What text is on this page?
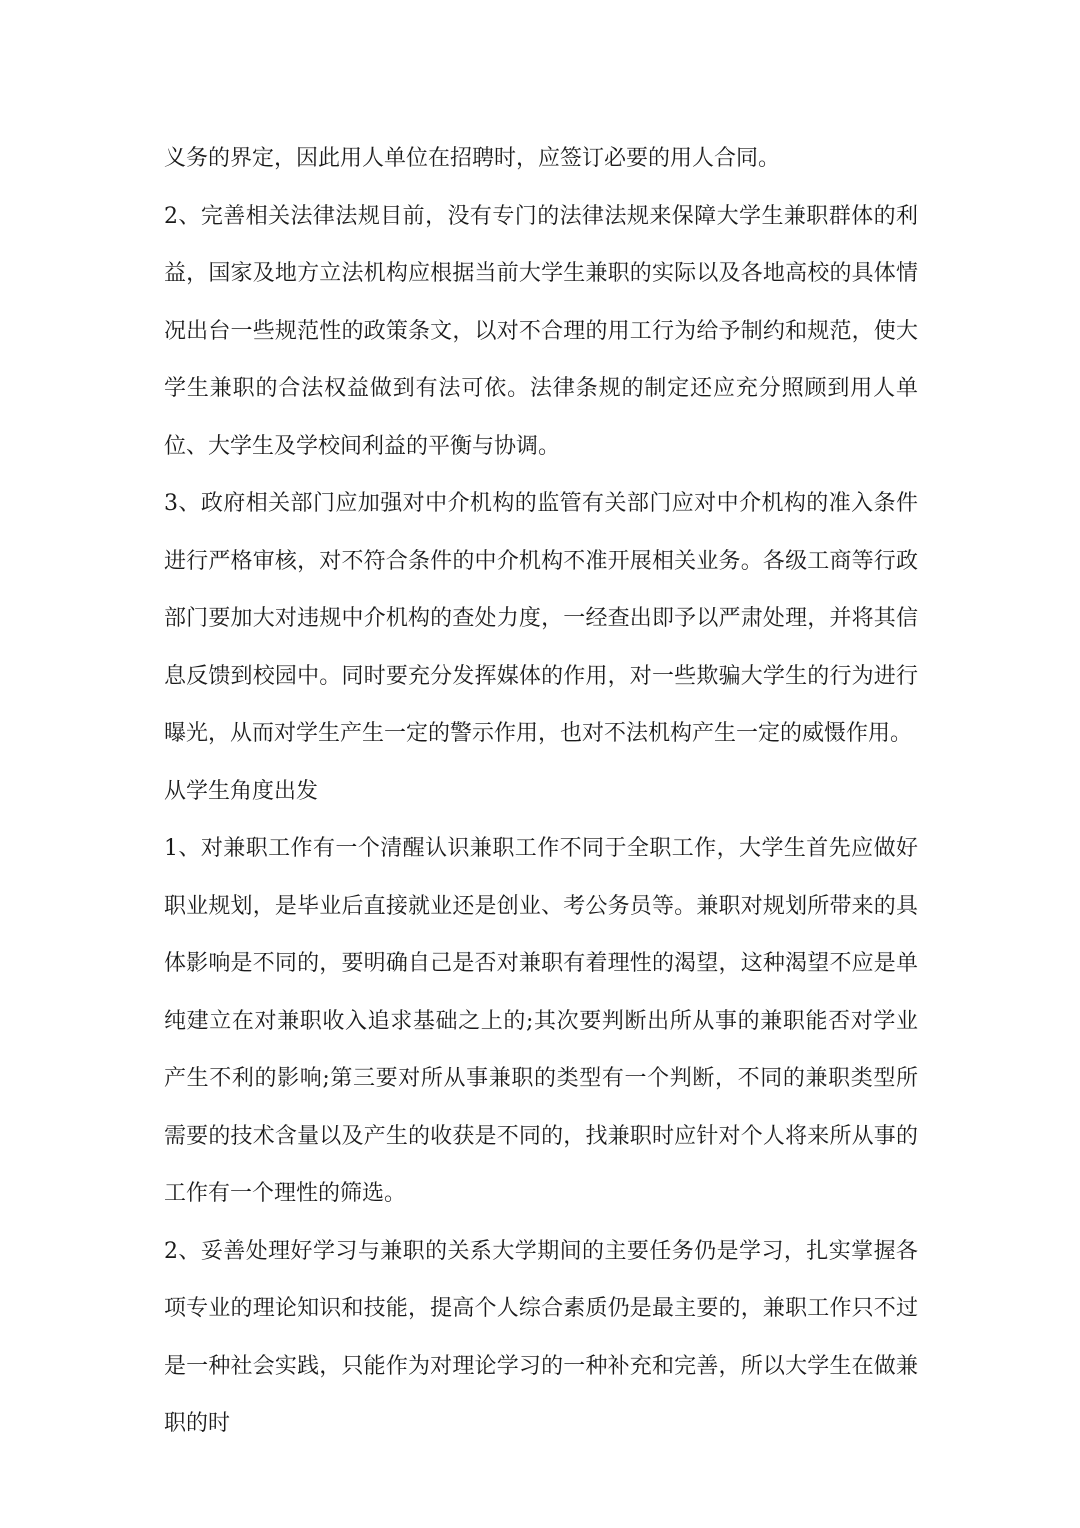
义务的界定，因此用人单位在招聘时，应签订必要的用人合同。

2、完善相关法律法规目前，没有专门的法律法规来保障大学生兼职群体的利益，国家及地方立法机构应根据当前大学生兼职的实际以及各地高校的具体情况出台一些规范性的政策条文，以对不合理的用工行为给予制约和规范，使大学生兼职的合法权益做到有法可依。法律条规的制定还应充分照顾到用人单位、大学生及学校间利益的平衡与协调。

3、政府相关部门应加强对中介机构的监管有关部门应对中介机构的准入条件进行严格审核，对不符合条件的中介机构不准开展相关业务。各级工商等行政部门要加大对违规中介机构的查处力度，一经查出即予以严肃处理，并将其信息反馈到校园中。同时要充分发挥媒体的作用，对一些欺骗大学生的行为进行曝光，从而对学生产生一定的警示作用，也对不法机构产生一定的威慑作用。

从学生角度出发

1、对兼职工作有一个清醒认识兼职工作不同于全职工作，大学生首先应做好职业规划，是毕业后直接就业还是创业、考公务员等。兼职对规划所带来的具体影响是不同的，要明确自己是否对兼职有着理性的渴望，这种渴望不应是单纯建立在对兼职收入追求基础之上的;其次要判断出所从事的兼职能否对学业产生不利的影响;第三要对所从事兼职的类型有一个判断，不同的兼职类型所需要的技术含量以及产生的收获是不同的，找兼职时应针对个人将来所从事的工作有一个理性的筛选。

2、妥善处理好学习与兼职的关系大学期间的主要任务仍是学习，扎实掌握各项专业的理论知识和技能，提高个人综合素质仍是最主要的，兼职工作只不过是一种社会实践，只能作为对理论学习的一种补充和完善，所以大学生在做兼职的时
